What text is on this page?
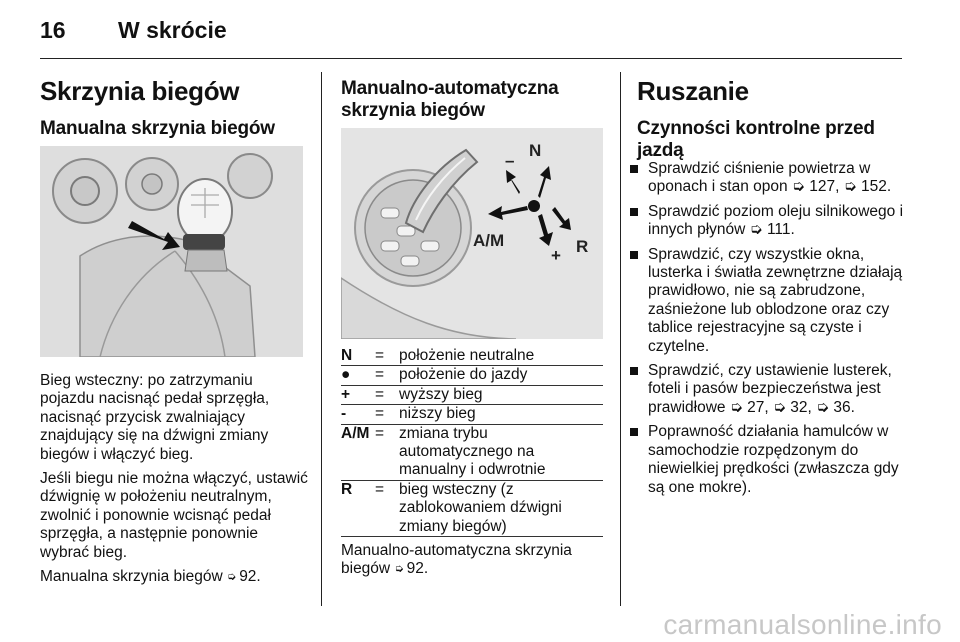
16 W skrócie
Skrzynia biegów
Manualna skrzynia biegów

Bieg wsteczny: po zatrzymaniu pojazdu nacisnąć pedał sprzęgła, nacisnąć przycisk zwalniający znajdujący się na dźwigni zmiany biegów i włączyć bieg.

Jeśli biegu nie można włączyć, ustawić dźwignię w położeniu neutralnym, zwolnić i ponownie wcisnąć pedał sprzęgła, a następnie ponownie wybrać bieg.

Manualna skrzynia biegów ➭ 92.

Manualno-automatyczna
skrzynia biegów
N
–
A/M
+ R
N	=	położenie neutralne
●	=	położenie do jazdy
+	=	wyższy bieg
-	=	niższy bieg
A/M	=	zmiana trybu automatycznego na manualny i odwrotnie
R	=	bieg wsteczny (z zablokowaniem dźwigni zmiany biegów)
Manualno-automatyczna skrzynia biegów ➭ 92.
Ruszanie
Czynności kontrolne przed jazdą
Sprawdzić ciśnienie powietrza w oponach i stan opon ➭ 127, ➭ 152.
Sprawdzić poziom oleju silnikowego i innych płynów ➭ 111.
Sprawdzić, czy wszystkie okna, lusterka i światła zewnętrzne działają prawidłowo, nie są zabrudzone, zaśnieżone lub oblodzone oraz czy tablice rejestracyjne są czyste i czytelne.
Sprawdzić, czy ustawienie lusterek, foteli i pasów bezpieczeństwa jest prawidłowe ➭ 27, ➭ 32, ➭ 36.
Poprawność działania hamulców w samochodzie rozpędzonym do niewielkiej prędkości (zwłaszcza gdy są one mokre).
carmanualsonline.info
